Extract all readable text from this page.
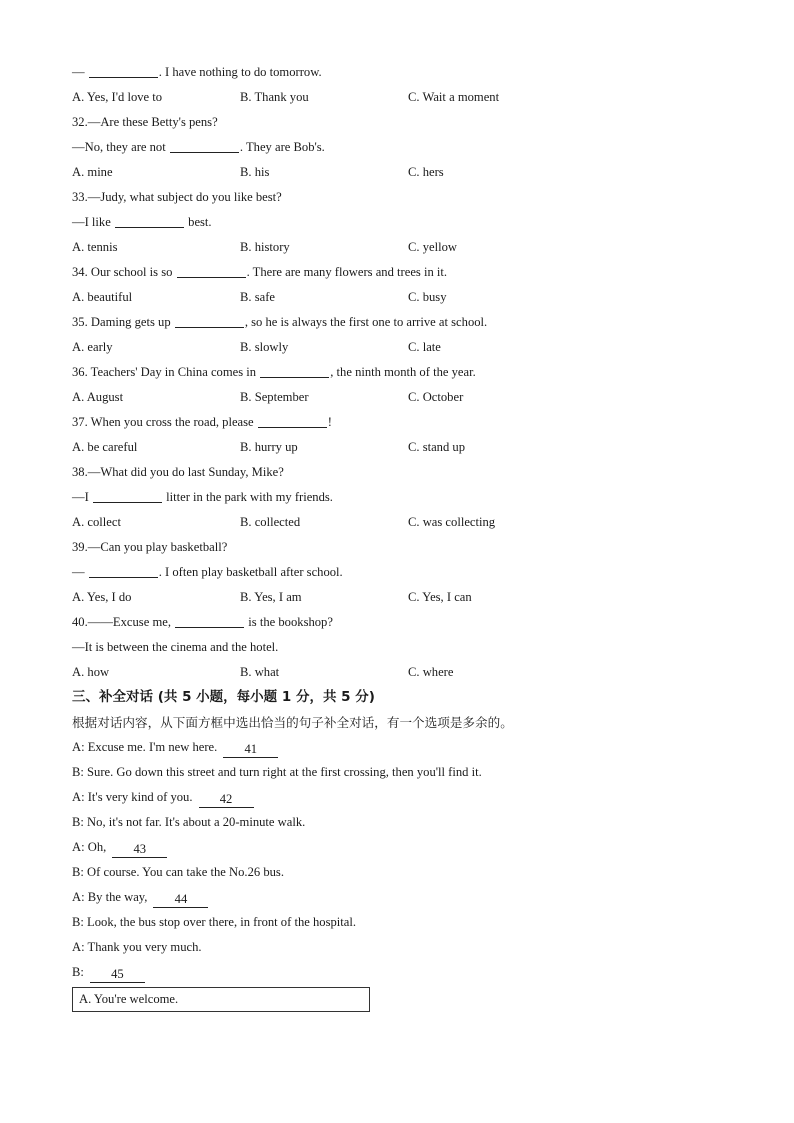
—	. I have nothing to do tomorrow.
A. Yes, I'd love to	B. Thank you	C. Wait a moment
32.—Are these Betty's pens?
—No, they are not	. They are Bob's.
A. mine	B. his	C. hers
33.—Judy, what subject do you like best?
—I like	best.
A. tennis	B. history	C. yellow
34. Our school is so	. There are many flowers and trees in it.
A. beautiful	B. safe	C. busy
35. Daming gets up	, so he is always the first one to arrive at school.
A. early	B. slowly	C. late
36. Teachers' Day in China comes in	, the ninth month of the year.
A. August	B. September	C. October
37. When you cross the road, please	!
A. be careful	B. hurry up	C. stand up
38.—What did you do last Sunday, Mike?
—I	litter in the park with my friends.
A. collect	B. collected	C. was collecting
39.—Can you play basketball?
—	. I often play basketball after school.
A. Yes, I do	B. Yes, I am	C. Yes, I can
40.——Excuse me,	is the bookshop?
—It is between the cinema and the hotel.
A. how	B. what	C. where
三、补全对话 (共 5 小题，每小题 1 分，共 5 分)
根据对话内容，从下面方框中选出恰当的句子补全对话，有一个选项是多余的。
A: Excuse me. I'm new here. 41
B: Sure. Go down this street and turn right at the first crossing, then you'll find it.
A: It's very kind of you. 42
B: No, it's not far. It's about a 20-minute walk.
A: Oh, 43
B: Of course. You can take the No.26 bus.
A: By the way, 44
B: Look, the bus stop over there, in front of the hospital.
A: Thank you very much.
B: 45
A. You're welcome.
